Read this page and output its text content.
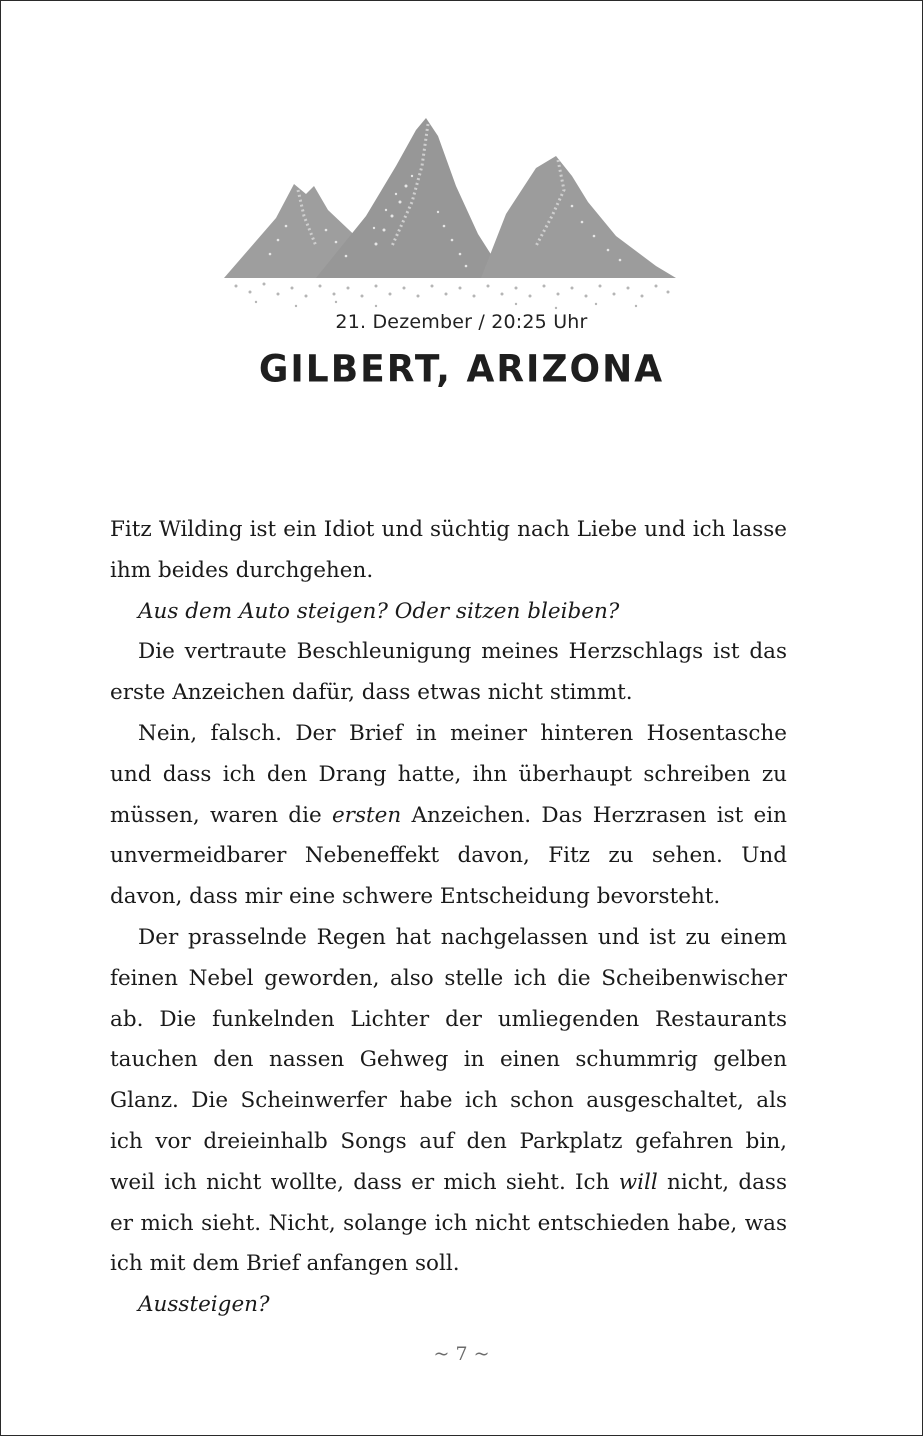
21. Dezember / 20:25 Uhr
GILBERT, ARIZONA

Fitz Wilding ist ein Idiot und süchtig nach Liebe und ich lasse ihm beides durchgehen.

Aus dem Auto steigen? Oder sitzen bleiben?

Die vertraute Beschleunigung meines Herzschlags ist das erste Anzeichen dafür, dass etwas nicht stimmt.

Nein, falsch. Der Brief in meiner hinteren Hosentasche und dass ich den Drang hatte, ihn überhaupt schreiben zu müssen, waren die ersten Anzeichen. Das Herzrasen ist ein unvermeidbarer Nebeneffekt davon, Fitz zu sehen. Und davon, dass mir eine schwere Entscheidung bevorsteht.

Der prasselnde Regen hat nachgelassen und ist zu einem feinen Nebel geworden, also stelle ich die Scheibenwischer ab. Die funkelnden Lichter der umliegenden Restaurants tauchen den nassen Gehweg in einen schummrig gelben Glanz. Die Scheinwerfer habe ich schon ausgeschaltet, als ich vor dreieinhalb Songs auf den Parkplatz gefahren bin, weil ich nicht wollte, dass er mich sieht. Ich will nicht, dass er mich sieht. Nicht, solange ich nicht entschieden habe, was ich mit dem Brief anfangen soll.

Aussteigen?

~ 7 ~
